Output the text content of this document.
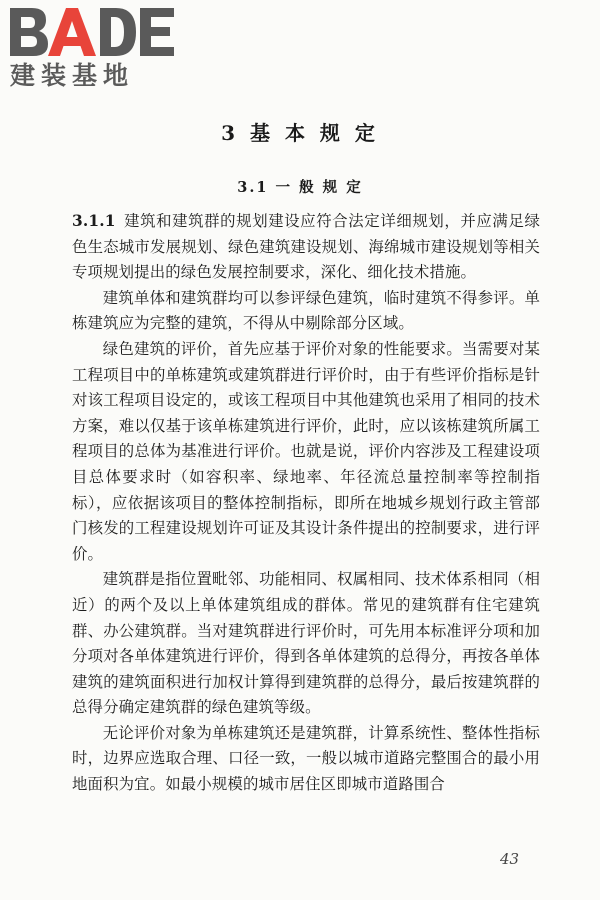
建装基地
3 基 本 规 定
3.1 一 般 规 定

3.1.1 建筑和建筑群的规划建设应符合法定详细规划，并应满足绿色生态城市发展规划、绿色建筑建设规划、海绵城市建设规划等相关专项规划提出的绿色发展控制要求，深化、细化技术措施。

建筑单体和建筑群均可以参评绿色建筑，临时建筑不得参评。单栋建筑应为完整的建筑，不得从中剔除部分区域。

绿色建筑的评价，首先应基于评价对象的性能要求。当需要对某工程项目中的单栋建筑或建筑群进行评价时，由于有些评价指标是针对该工程项目设定的，或该工程项目中其他建筑也采用了相同的技术方案，难以仅基于该单栋建筑进行评价，此时，应以该栋建筑所属工程项目的总体为基准进行评价。也就是说，评价内容涉及工程建设项目总体要求时（如容积率、绿地率、年径流总量控制率等控制指标），应依据该项目的整体控制指标，即所在地城乡规划行政主管部门核发的工程建设规划许可证及其设计条件提出的控制要求，进行评价。

建筑群是指位置毗邻、功能相同、权属相同、技术体系相同（相近）的两个及以上单体建筑组成的群体。常见的建筑群有住宅建筑群、办公建筑群。当对建筑群进行评价时，可先用本标准评分项和加分项对各单体建筑进行评价，得到各单体建筑的总得分，再按各单体建筑的建筑面积进行加权计算得到建筑群的总得分，最后按建筑群的总得分确定建筑群的绿色建筑等级。

无论评价对象为单栋建筑还是建筑群，计算系统性、整体性指标时，边界应选取合理、口径一致，一般以城市道路完整围合的最小用地面积为宜。如最小规模的城市居住区即城市道路围合

43
